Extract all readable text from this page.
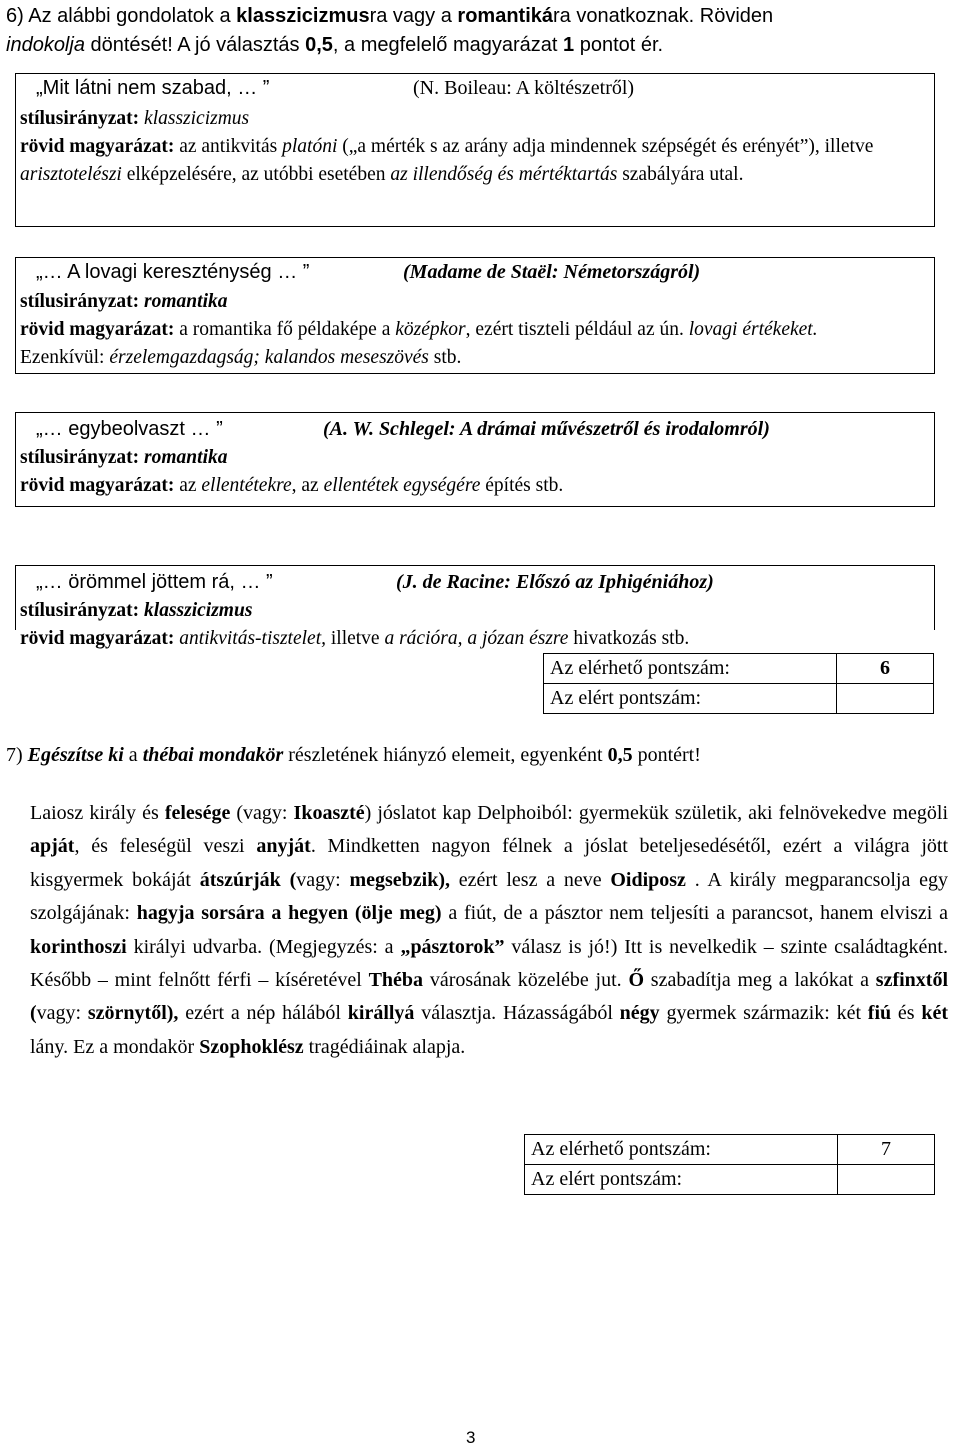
6) Az alábbi gondolatok a klasszicizmusra vagy a romantikára vonatkoznak. Röviden
indokolja döntését! A jó választás 0,5, a megfelelő magyarázat 1 pontot ér.
„Mit látni nem szabad, … ”	(N. Boileau: A költészetről)
stílusirányzat: klasszicizmus
rövid magyarázat: az antikvitás platóni („a mérték s az arány adja mindennek szépségét és erényét”), illetve arisztotelészi elképzelésére, az utóbbi esetében az illendőség és mértéktartás szabályára utal.
„… A lovagi kereszténység … ”	(Madame de Staël: Németországról)
stílusirányzat: romantika
rövid magyarázat: a romantika fő példaképe a középkor, ezért tiszteli például az ún. lovagi értékeket. Ezenkívül: érzelemgazdagság; kalandos meseszövés stb.
„… egybeolvaszt … ”	(A. W. Schlegel: A drámai művészetről és irodalomról)
stílusirányzat: romantika
rövid magyarázat: az ellentétekre, az ellentétek egységére építés stb.
„… örömmel jöttem rá, … ”	(J. de Racine: Előszó az Iphigéniához)
stílusirányzat: klasszicizmus
rövid magyarázat: antikvitás-tisztelet, illetve a rációra, a józan észre hivatkozás stb.
Az elérhető pontszám:	6
Az elért pontszám:	
7) Egészítse ki a thébai mondakör részletének hiányzó elemeit, egyenként 0,5 pontért!
Laiosz király és felesége (vagy: Ikoaszté) jóslatot kap Delphoiból: gyermekük születik, aki felnövekedve megöli apját, és feleségül veszi anyját. Mindketten nagyon félnek a jóslat beteljesedésétől, ezért a világra jött kisgyermek bokáját átszúrják (vagy: megsebzik), ezért lesz a neve Oidiposz . A király megparancsolja egy szolgájának: hagyja sorsára a hegyen (ölje meg) a fiút, de a pásztor nem teljesíti a parancsot, hanem elviszi a korinthoszi királyi udvarba. (Megjegyzés: a „pásztorok” válasz is jó!) Itt is nevelkedik – szinte családtagként. Később – mint felnőtt férfi – kíséretével Théba városának közelébe jut. Ő szabadítja meg a lakókat a szfinxtől (vagy: szörnytől), ezért a nép hálából királlyá választja. Házasságából négy gyermek származik: két fiú és két lány. Ez a mondakör Szophoklész tragédiáinak alapja.
Az elérhető pontszám:	7
Az elért pontszám:	
3
